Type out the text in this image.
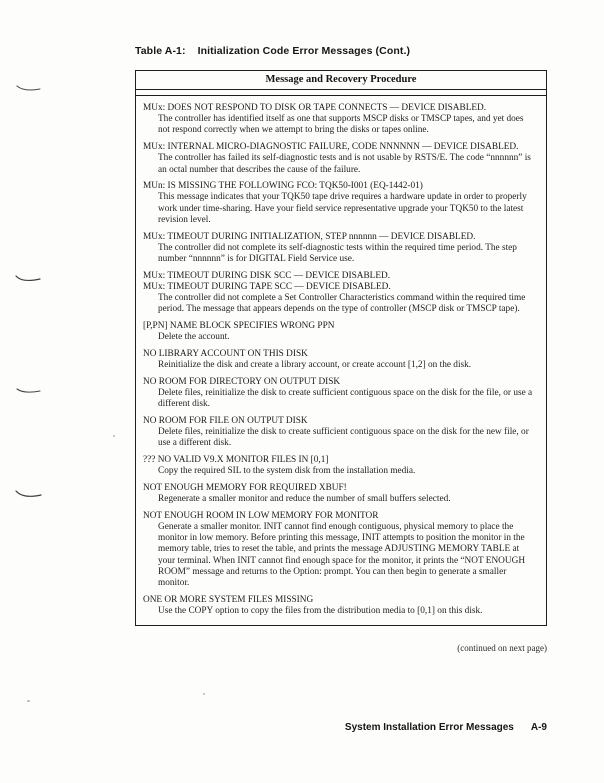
Table A-1: Initialization Code Error Messages (Cont.)
Message and Recovery Procedure
MUx: DOES NOT RESPOND TO DISK OR TAPE CONNECTS — DEVICE DISABLED.
The controller has identified itself as one that supports MSCP disks or TMSCP tapes, and yet does not respond correctly when we attempt to bring the disks or tapes online.
MUx: INTERNAL MICRO-DIAGNOSTIC FAILURE, CODE NNNNNN — DEVICE DISABLED.
The controller has failed its self-diagnostic tests and is not usable by RSTS/E. The code “nnnnnn” is an octal number that describes the cause of the failure.
MUn: IS MISSING THE FOLLOWING FCO: TQK50-I001 (EQ-1442-01)
This message indicates that your TQK50 tape drive requires a hardware update in order to properly work under time-sharing. Have your field service representative upgrade your TQK50 to the latest revision level.
MUx: TIMEOUT DURING INITIALIZATION, STEP nnnnnn — DEVICE DISABLED.
The controller did not complete its self-diagnostic tests within the required time period. The step number “nnnnnn” is for DIGITAL Field Service use.
MUx: TIMEOUT DURING DISK SCC — DEVICE DISABLED.
MUx: TIMEOUT DURING TAPE SCC — DEVICE DISABLED.
The controller did not complete a Set Controller Characteristics command within the required time period. The message that appears depends on the type of controller (MSCP disk or TMSCP tape).
[P,PN] NAME BLOCK SPECIFIES WRONG PPN
Delete the account.
NO LIBRARY ACCOUNT ON THIS DISK
Reinitialize the disk and create a library account, or create account [1,2] on the disk.
NO ROOM FOR DIRECTORY ON OUTPUT DISK
Delete files, reinitialize the disk to create sufficient contiguous space on the disk for the file, or use a different disk.
NO ROOM FOR FILE ON OUTPUT DISK
Delete files, reinitialize the disk to create sufficient contiguous space on the disk for the new file, or use a different disk.
??? NO VALID V9.X MONITOR FILES IN [0,1]
Copy the required SIL to the system disk from the installation media.
NOT ENOUGH MEMORY FOR REQUIRED XBUF!
Regenerate a smaller monitor and reduce the number of small buffers selected.
NOT ENOUGH ROOM IN LOW MEMORY FOR MONITOR
Generate a smaller monitor. INIT cannot find enough contiguous, physical memory to place the monitor in low memory. Before printing this message, INIT attempts to position the monitor in the memory table, tries to reset the table, and prints the message ADJUSTING MEMORY TABLE at your terminal. When INIT cannot find enough space for the monitor, it prints the “NOT ENOUGH ROOM” message and returns to the Option: prompt. You can then begin to generate a smaller monitor.
ONE OR MORE SYSTEM FILES MISSING
Use the COPY option to copy the files from the distribution media to [0,1] on this disk.
(continued on next page)
System Installation Error Messages A-9
